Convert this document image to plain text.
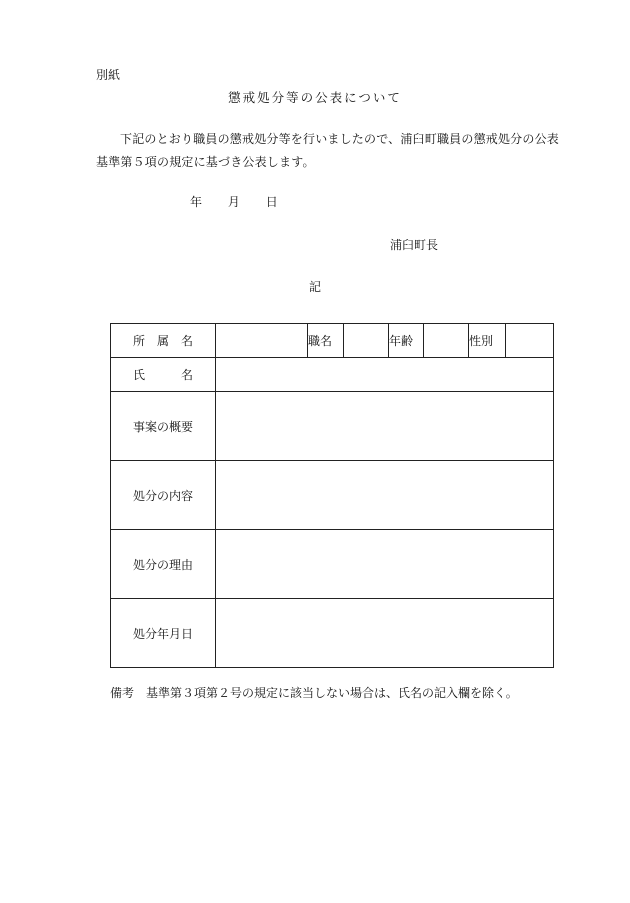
別紙
懲戒処分等の公表について
下記のとおり職員の懲戒処分等を行いましたので、浦臼町職員の懲戒処分の公表基準第５項の規定に基づき公表します。
年 月 日
浦臼町長
記
所　属　名		職名		年齢		性別	
氏　　　名							
事案の概要							
処分の内容							
処分の理由							
処分年月日							
備考　基準第３項第２号の規定に該当しない場合は、氏名の記入欄を除く。
